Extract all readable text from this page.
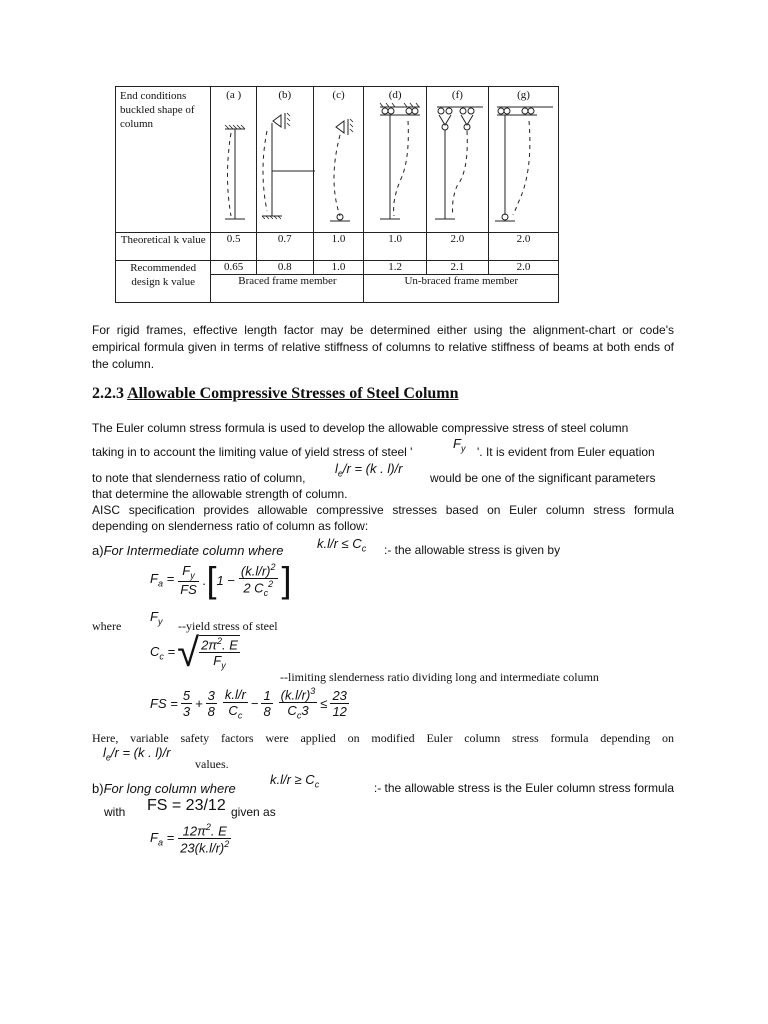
End conditions buckled shape of column	(a )	(b)	(c)	(d)	(f)	(g)

Theoretical k value	0.5	0.7	1.0	1.0	2.0	2.0
Recommended design k value	0.65	0.8	1.0	1.2	2.1	2.0
	Braced frame member			Un-braced frame member		
For rigid frames, effective length factor may be determined either using the alignment-chart or code's empirical formula given in terms of relative stiffness of columns to relative stiffness of beams at both ends of the column.
2.2.3 Allowable Compressive Stresses of Steel Column
The Euler column stress formula is used to develop the allowable compressive stress of steel column
taking in to account the limiting value of yield stress of steel '
$F_y$ '. It is evident from Euler equation
to note that slenderness ratio of column,
$l_e/r = (k$ . l)/r
would be one of the significant parameters
that determine the allowable strength of column.
AISC specification provides allowable compressive stresses based on Euler column stress formula
depending on slenderness ratio of column as follow:
a)For Intermediate column where	$k.l/r \le C_c$ :- the allowable stress is given by
$F_a = \frac{F_y}{FS}$ . [ $1 - \frac{(k.l/r)^2}{2 C_c^2}$ ]
where
$F_y$ --yield stress of steel
$C_c$ = √ $\frac{2\pi^2. E}{F_y}$
--limiting slenderness ratio dividing long and intermediate column
FS = $\frac{5}{3} + \frac{3}{8} \frac{k.l/r}{C_c} - \frac{1}{8} \frac{(k.l/r)^3}{C_c3} \le \frac{23}{12}$
Here, variable safety factors were applied on modified Euler column stress formula depending on
$l_e/r = (k$ . l)/r
values.
b)For long column where
$k.l/r \ge C_c$	:- the allowable stress is the Euler column stress formula
with FS = 23/12 given as
$F_a = \frac{12\pi^2. E}{23(k.l/r)^2}$
